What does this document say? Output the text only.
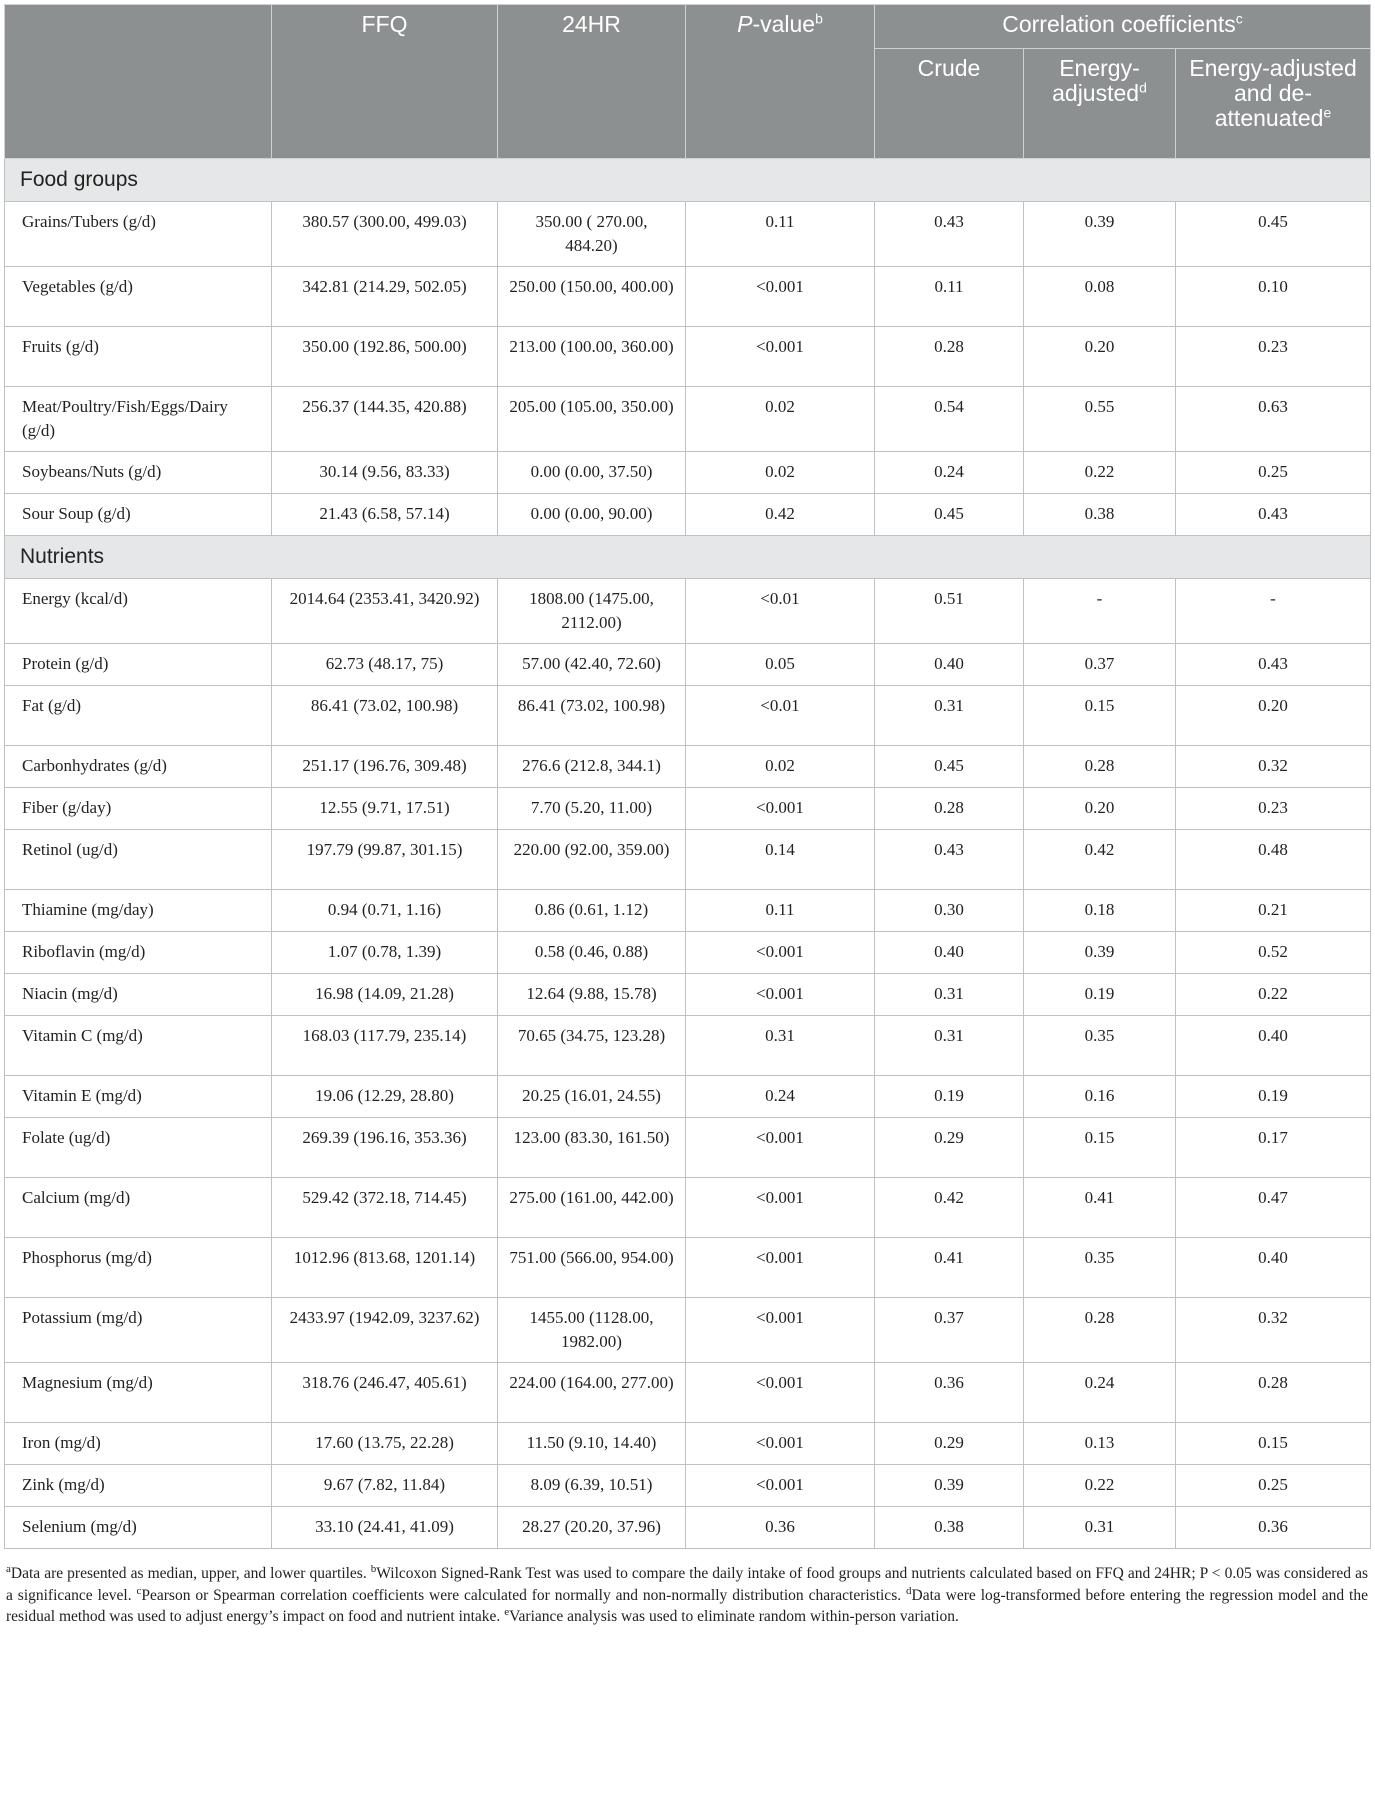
	FFQ	24HR	P-value$^b$	Correlation coefficients$^c$
				Crude	Energy-adjusted$^d$	Energy-adjusted and de-attenuated$^e$
Food groups						
Grains/Tubers (g/d)	380.57 (300.00, 499.03)	350.00 ( 270.00, 484.20)	0.11	0.43	0.39	0.45
Vegetables (g/d)	342.81 (214.29, 502.05)	250.00 (150.00, 400.00)	<0.001	0.11	0.08	0.10
Fruits (g/d)	350.00 (192.86, 500.00)	213.00 (100.00, 360.00)	<0.001	0.28	0.20	0.23
Meat/Poultry/Fish/Eggs/Dairy (g/d)	256.37 (144.35, 420.88)	205.00 (105.00, 350.00)	0.02	0.54	0.55	0.63
Soybeans/Nuts (g/d)	30.14 (9.56, 83.33)	0.00 (0.00, 37.50)	0.02	0.24	0.22	0.25
Sour Soup (g/d)	21.43 (6.58, 57.14)	0.00 (0.00, 90.00)	0.42	0.45	0.38	0.43
Nutrients						
Energy (kcal/d)	2014.64 (2353.41, 3420.92)	1808.00 (1475.00, 2112.00)	<0.01	0.51	-	-
Protein (g/d)	62.73 (48.17, 75)	57.00 (42.40, 72.60)	0.05	0.40	0.37	0.43
Fat (g/d)	86.41 (73.02, 100.98)	86.41 (73.02, 100.98)	<0.01	0.31	0.15	0.20
Carbonhydrates (g/d)	251.17 (196.76, 309.48)	276.6 (212.8, 344.1)	0.02	0.45	0.28	0.32
Fiber (g/day)	12.55 (9.71, 17.51)	7.70 (5.20, 11.00)	<0.001	0.28	0.20	0.23
Retinol (ug/d)	197.79 (99.87, 301.15)	220.00 (92.00, 359.00)	0.14	0.43	0.42	0.48
Thiamine (mg/day)	0.94 (0.71, 1.16)	0.86 (0.61, 1.12)	0.11	0.30	0.18	0.21
Riboflavin (mg/d)	1.07 (0.78, 1.39)	0.58 (0.46, 0.88)	<0.001	0.40	0.39	0.52
Niacin (mg/d)	16.98 (14.09, 21.28)	12.64 (9.88, 15.78)	<0.001	0.31	0.19	0.22
Vitamin C (mg/d)	168.03 (117.79, 235.14)	70.65 (34.75, 123.28)	0.31	0.31	0.35	0.40
Vitamin E (mg/d)	19.06 (12.29, 28.80)	20.25 (16.01, 24.55)	0.24	0.19	0.16	0.19
Folate (ug/d)	269.39 (196.16, 353.36)	123.00 (83.30, 161.50)	<0.001	0.29	0.15	0.17
Calcium (mg/d)	529.42 (372.18, 714.45)	275.00 (161.00, 442.00)	<0.001	0.42	0.41	0.47
Phosphorus (mg/d)	1012.96 (813.68, 1201.14)	751.00 (566.00, 954.00)	<0.001	0.41	0.35	0.40
Potassium (mg/d)	2433.97 (1942.09, 3237.62)	1455.00 (1128.00, 1982.00)	<0.001	0.37	0.28	0.32
Magnesium (mg/d)	318.76 (246.47, 405.61)	224.00 (164.00, 277.00)	<0.001	0.36	0.24	0.28
Iron (mg/d)	17.60 (13.75, 22.28)	11.50 (9.10, 14.40)	<0.001	0.29	0.13	0.15
Zink (mg/d)	9.67 (7.82, 11.84)	8.09 (6.39, 10.51)	<0.001	0.39	0.22	0.25
Selenium (mg/d)	33.10 (24.41, 41.09)	28.27 (20.20, 37.96)	0.36	0.38	0.31	0.36
$^a$Data are presented as median, upper, and lower quartiles. $^b$Wilcoxon Signed-Rank Test was used to compare the daily intake of food groups and nutrients calculated based on FFQ and 24HR; P < 0.05 was considered as a significance level. $^c$Pearson or Spearman correlation coefficients were calculated for normally and non-normally distribution characteristics. $^d$Data were log-transformed before entering the regression model and the residual method was used to adjust energy’s impact on food and nutrient intake. $^e$Variance analysis was used to eliminate random within-person variation.
